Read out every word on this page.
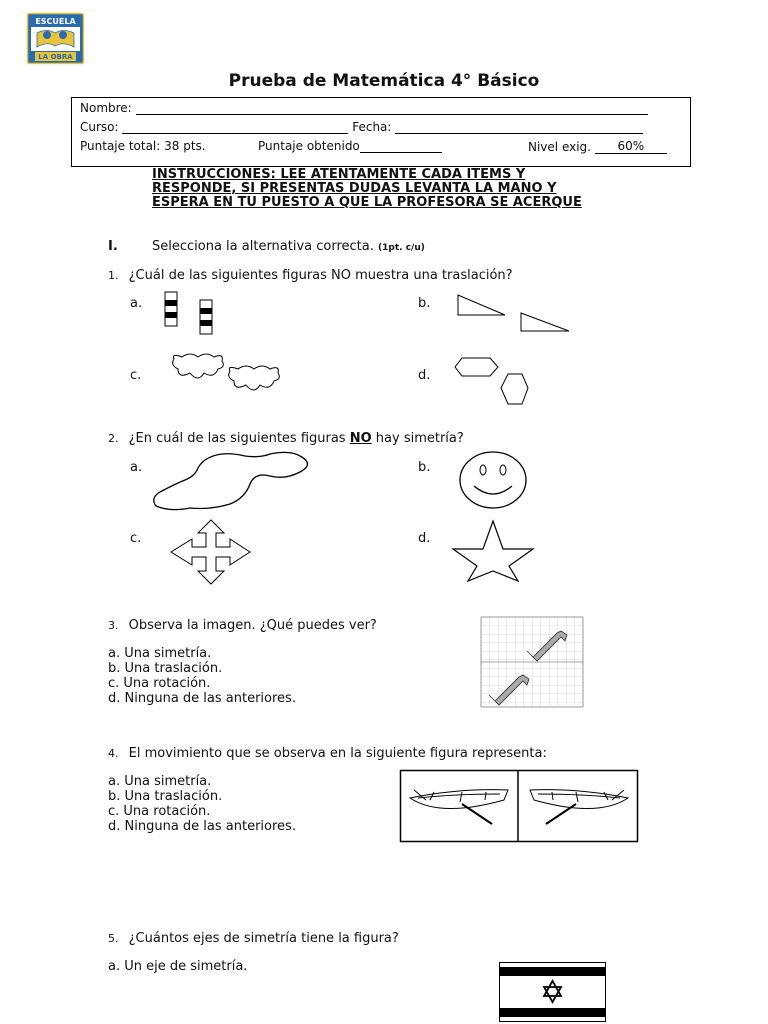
ESCUELA
LA OBRA
Prueba de Matemática 4° Básico
Nombre:
Curso:	Fecha:
Puntaje total: 38 pts.	Puntaje obtenido	Nivel exig. 60%
INSTRUCCIONES: LEE ATENTAMENTE CADA ITEMS Y
RESPONDE, SI PRESENTAS DUDAS LEVANTA LA MANO Y
ESPERA EN TU PUESTO A QUE LA PROFESORA SE ACERQUE
I.	Selecciona la alternativa correcta. (1pt. c/u)
1. ¿Cuál de las siguientes figuras NO muestra una traslación?
a.	b.
c.	d.
2. ¿En cuál de las siguientes figuras NO hay simetría?
a.	b.
c.	d.
3. Observa la imagen. ¿Qué puedes ver?
a. Una simetría.
b. Una traslación.
c. Una rotación.
d. Ninguna de las anteriores.
4. El movimiento que se observa en la siguiente figura representa:
a. Una simetría.
b. Una traslación.
c. Una rotación.
d. Ninguna de las anteriores.
5. ¿Cuántos ejes de simetría tiene la figura?
a. Un eje de simetría.
